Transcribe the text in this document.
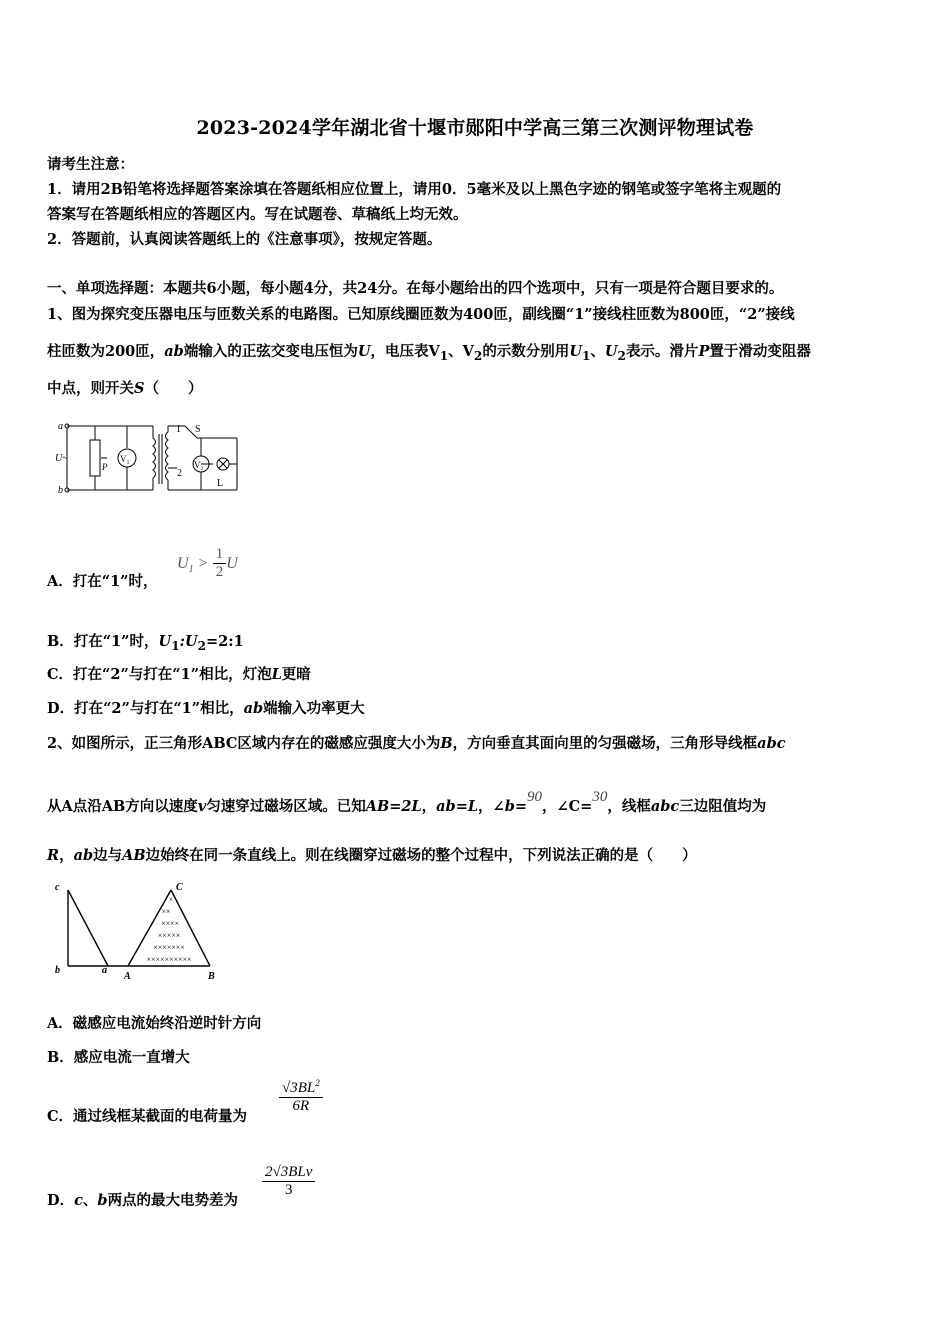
2023-2024学年湖北省十堰市郧阳中学高三第三次测评物理试卷
请考生注意：
1．请用2B铅笔将选择题答案涂填在答题纸相应位置上，请用0．5毫米及以上黑色字迹的钢笔或签字笔将主观题的
答案写在答题纸相应的答题区内。写在试题卷、草稿纸上均无效。
2．答题前，认真阅读答题纸上的《注意事项》，按规定答题。
一、单项选择题：本题共6小题，每小题4分，共24分。在每小题给出的四个选项中，只有一项是符合题目要求的。
1、图为探究变压器电压与匝数关系的电路图。已知原线圈匝数为400匝，副线圈“1”接线柱匝数为800匝，“2”接线
柱匝数为200匝，ab端输入的正弦交变电压恒为U，电压表$V_1$、$V_2$的示数分别用$U_1$、$U_2$表示。滑片P置于滑动变阻器
中点，则开关S（　　）
a
b
U~
P
V₁
1
2
S
V₂
L
A．打在“1”时，
$U_1 > \frac{1}{2}$ U
B．打在“1”时，$U_1:U_2=2:1$
C．打在“2”与打在“1”相比，灯泡L更暗
D．打在“2”与打在“1”相比，ab端输入功率更大
2、如图所示，正三角形ABC区域内存在的磁感应强度大小为B，方向垂直其面向里的匀强磁场，三角形导线框abc
从A点沿AB方向以速度v匀速穿过磁场区域。已知AB=2L，ab=L，∠b=$^{90}$，∠C=$^{30}$，线框abc三边阻值均为
R，ab边与AB边始终在同一条直线上。则在线圈穿过磁场的整个过程中，下列说法正确的是（　　）
×
××
××××
×××××
×××××××
××××××××××
c
b	a
A	B
C
A．磁感应电流始终沿逆时针方向
B．感应电流一直增大
C．通过线框某截面的电荷量为
$\frac{√3BL^2}{6R}$
D．c、b两点的最大电势差为
$\frac{\text{2√3BLv}}{3}$
